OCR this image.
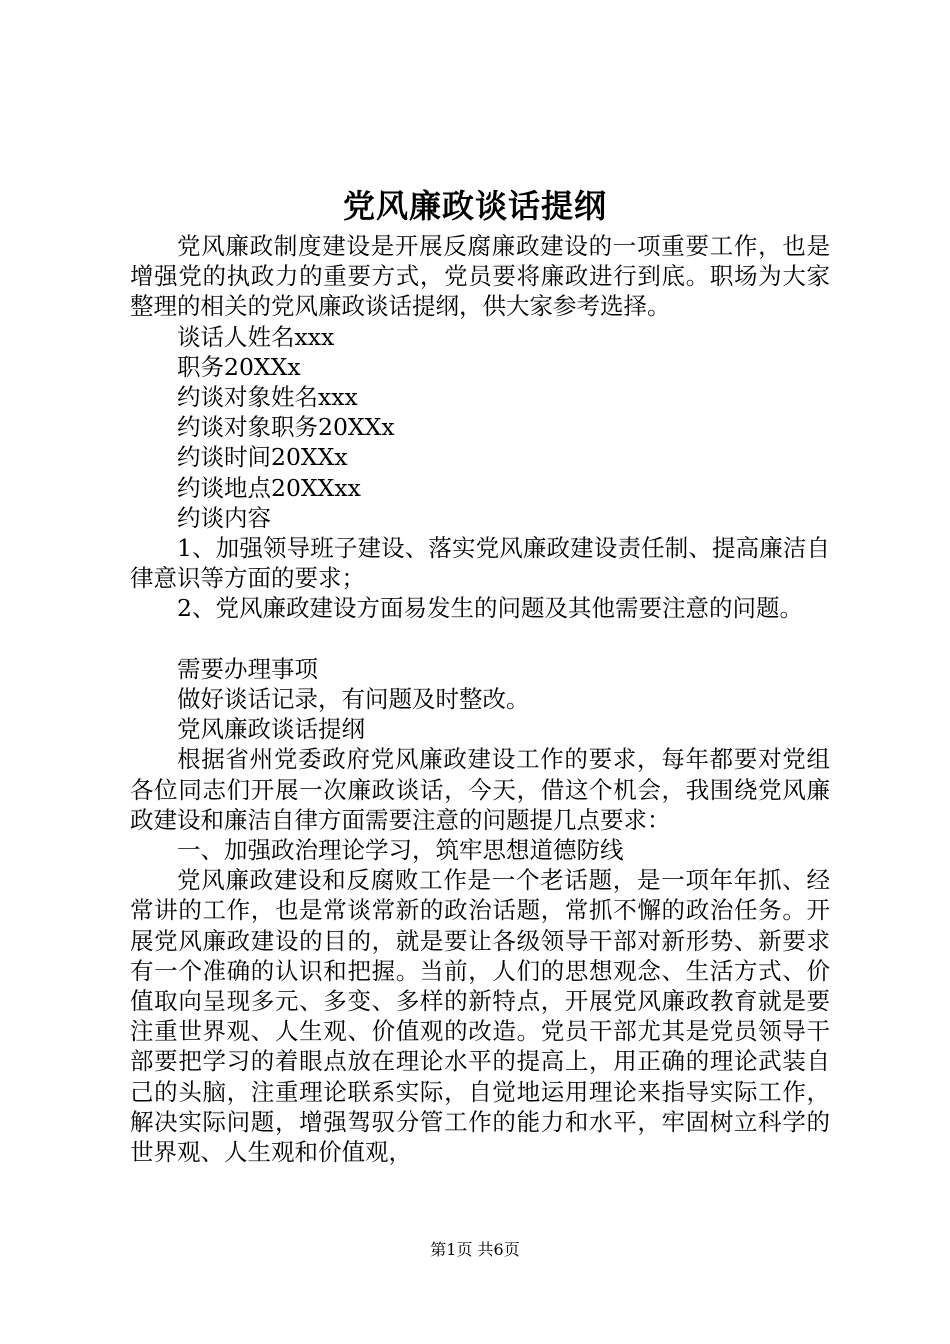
党风廉政谈话提纲

党风廉政制度建设是开展反腐廉政建设的一项重要工作，也是增强党的执政力的重要方式，党员要将廉政进行到底。职场为大家整理的相关的党风廉政谈话提纲，供大家参考选择。

谈话人姓名xxx

职务20XXx

约谈对象姓名xxx

约谈对象职务20XXx

约谈时间20XXx

约谈地点20XXxx

约谈内容

1、加强领导班子建设、落实党风廉政建设责任制、提高廉洁自律意识等方面的要求；

2、党风廉政建设方面易发生的问题及其他需要注意的问题。

需要办理事项

做好谈话记录，有问题及时整改。

党风廉政谈话提纲

根据省州党委政府党风廉政建设工作的要求，每年都要对党组各位同志们开展一次廉政谈话，今天，借这个机会，我围绕党风廉政建设和廉洁自律方面需要注意的问题提几点要求：

一、加强政治理论学习，筑牢思想道德防线

党风廉政建设和反腐败工作是一个老话题，是一项年年抓、经常讲的工作，也是常谈常新的政治话题，常抓不懈的政治任务。开展党风廉政建设的目的，就是要让各级领导干部对新形势、新要求有一个准确的认识和把握。当前，人们的思想观念、生活方式、价值取向呈现多元、多变、多样的新特点，开展党风廉政教育就是要注重世界观、人生观、价值观的改造。党员干部尤其是党员领导干部要把学习的着眼点放在理论水平的提高上，用正确的理论武装自己的头脑，注重理论联系实际，自觉地运用理论来指导实际工作，解决实际问题，增强驾驭分管工作的能力和水平，牢固树立科学的世界观、人生观和价值观，

第1页 共6页
